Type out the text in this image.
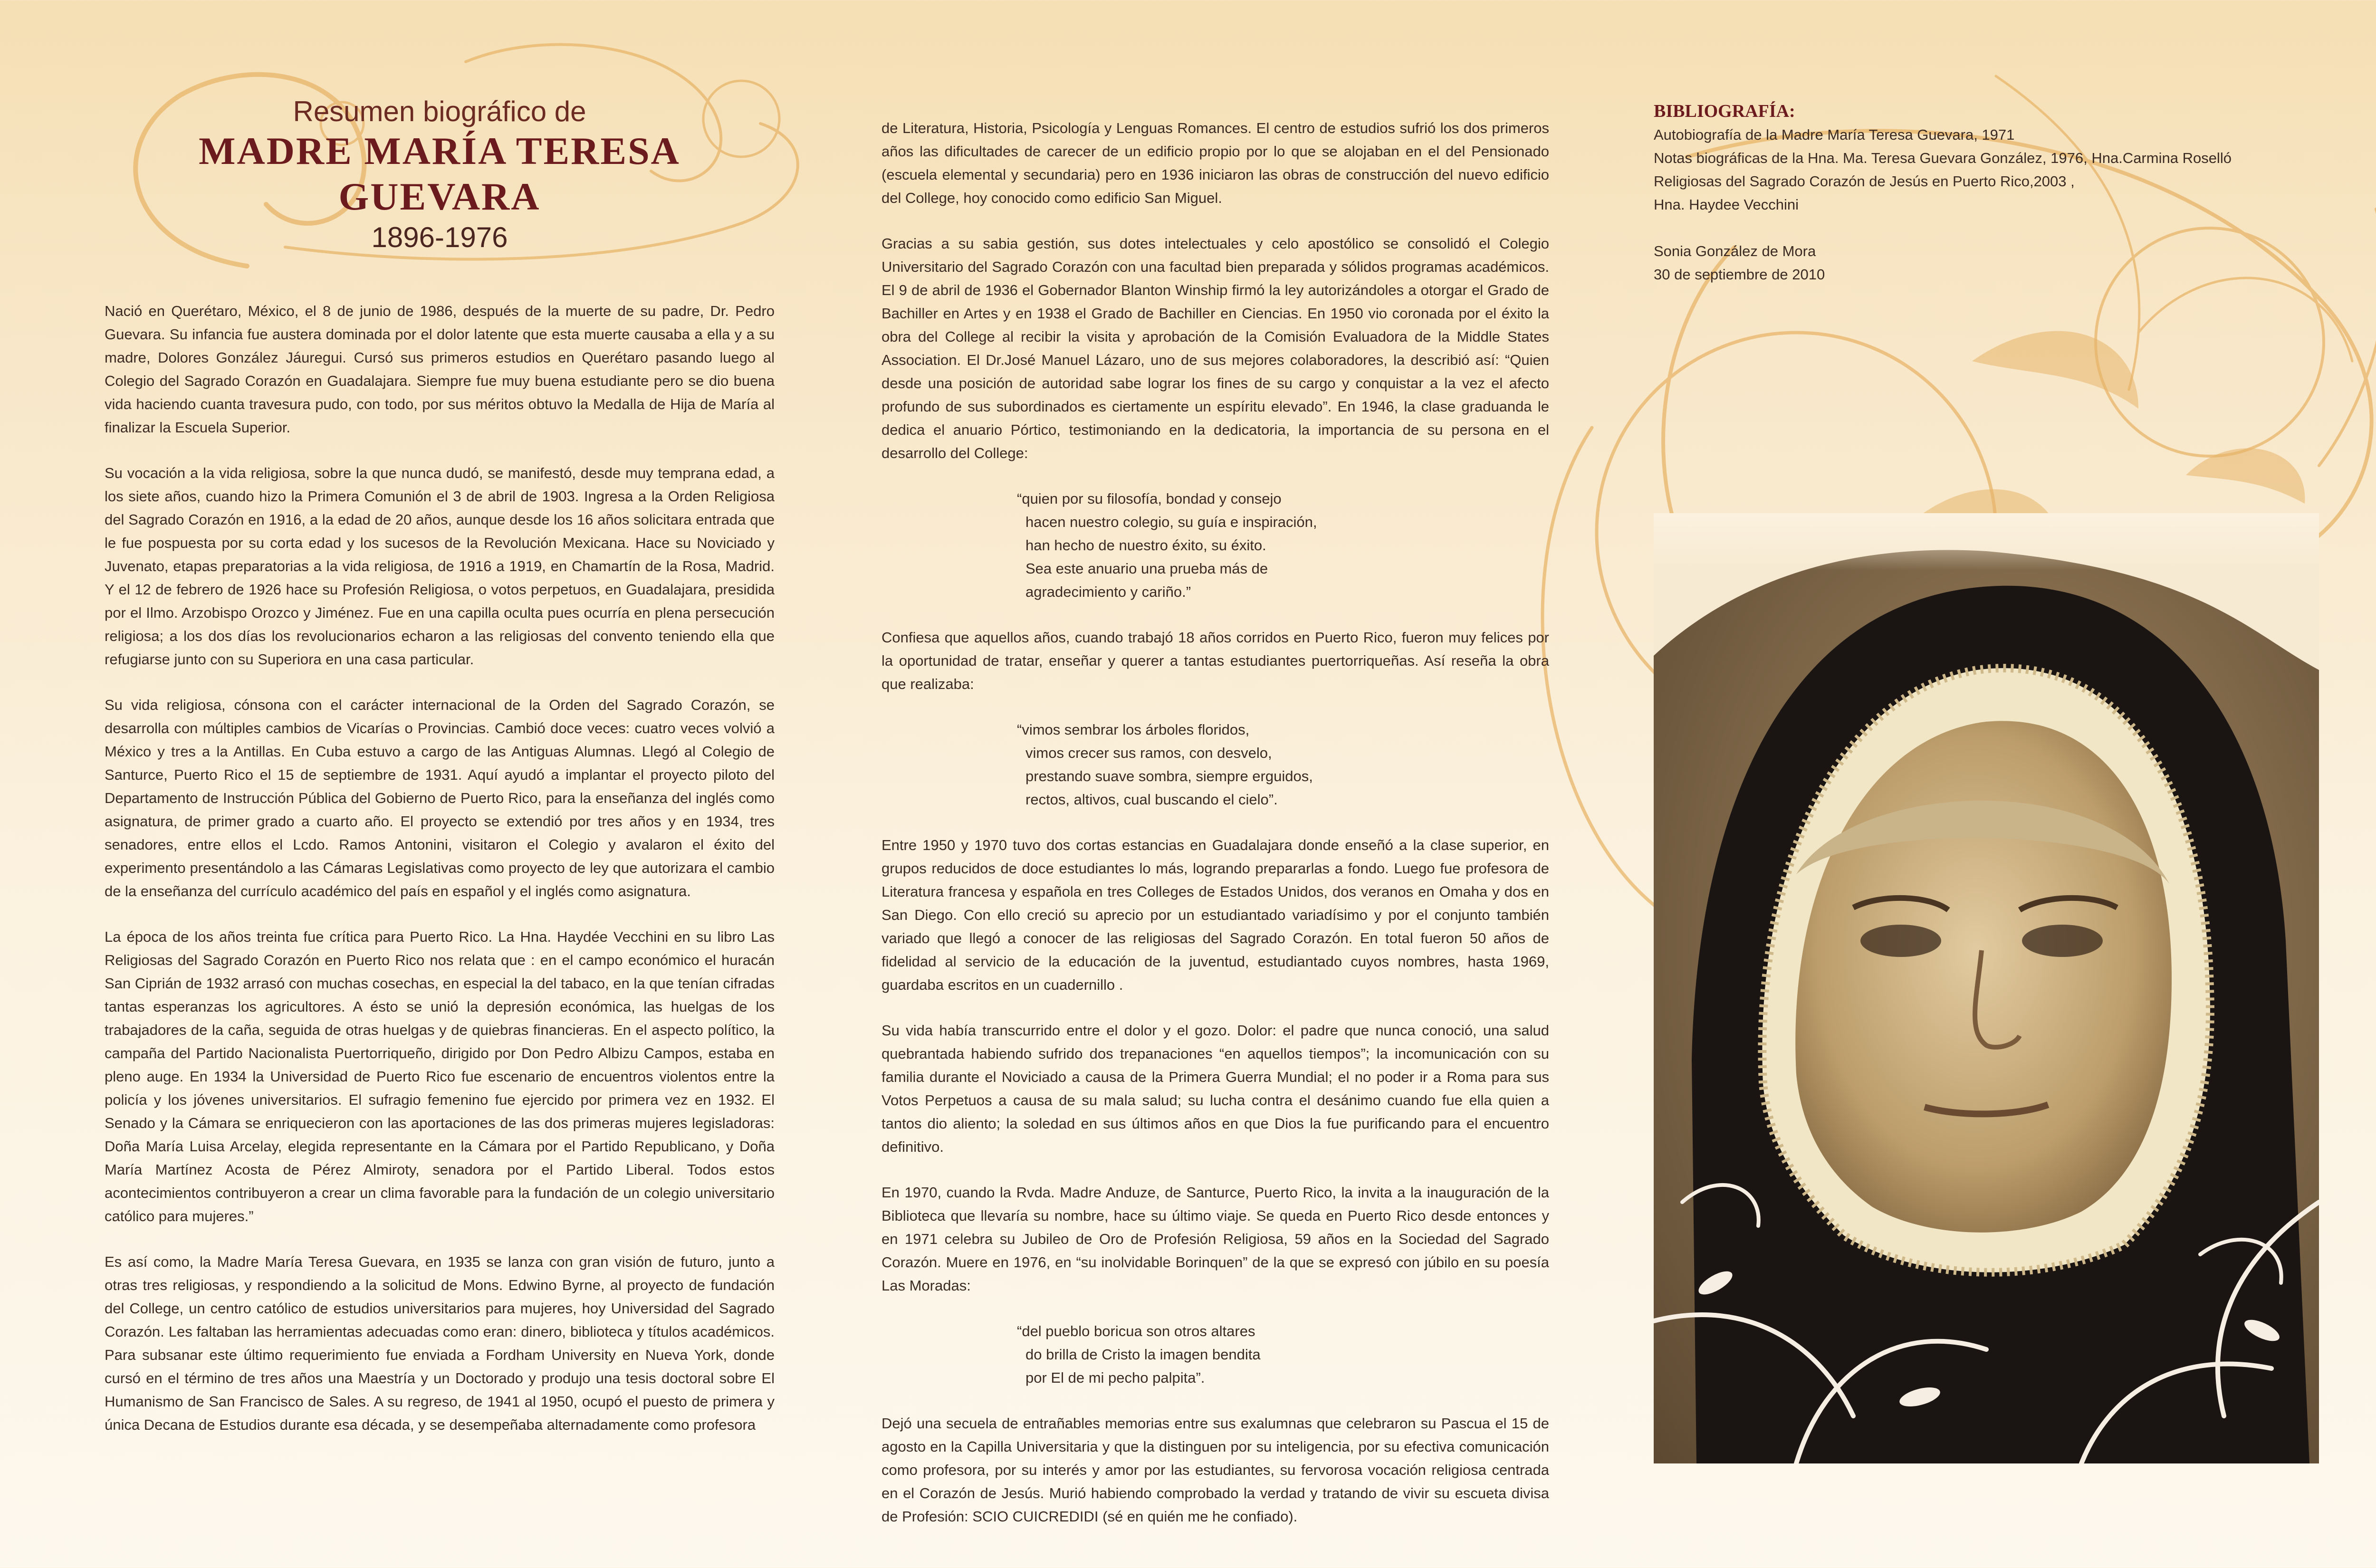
Resumen biográfico de
MADRE MARÍA TERESA GUEVARA
1896-1976

Nació en Querétaro, México, el 8 de junio de 1986, después de la muerte de su padre, Dr. Pedro Guevara. Su infancia fue austera dominada por el dolor latente que esta muerte causaba a ella y a su madre, Dolores González Jáuregui. Cursó sus primeros estudios en Querétaro pasando luego al Colegio del Sagrado Corazón en Guadalajara. Siempre fue muy buena estudiante pero se dio buena vida haciendo cuanta travesura pudo, con todo, por sus méritos obtuvo la Medalla de Hija de María al finalizar la Escuela Superior.

Su vocación a la vida religiosa, sobre la que nunca dudó, se manifestó, desde muy temprana edad, a los siete años, cuando hizo la Primera Comunión el 3 de abril de 1903. Ingresa a la Orden Religiosa del Sagrado Corazón en 1916, a la edad de 20 años, aunque desde los 16 años solicitara entrada que le fue pospuesta por su corta edad y los sucesos de la Revolución Mexicana. Hace su Noviciado y Juvenato, etapas preparatorias a la vida religiosa, de 1916 a 1919, en Chamartín de la Rosa, Madrid. Y el 12 de febrero de 1926 hace su Profesión Religiosa, o votos perpetuos, en Guadalajara, presidida por el Ilmo. Arzobispo Orozco y Jiménez. Fue en una capilla oculta pues ocurría en plena persecución religiosa; a los dos días los revolucionarios echaron a las religiosas del convento teniendo ella que refugiarse junto con su Superiora en una casa particular.

Su vida religiosa, cónsona con el carácter internacional de la Orden del Sagrado Corazón, se desarrolla con múltiples cambios de Vicarías o Provincias. Cambió doce veces: cuatro veces volvió a México y tres a la Antillas. En Cuba estuvo a cargo de las Antiguas Alumnas. Llegó al Colegio de Santurce, Puerto Rico el 15 de septiembre de 1931. Aquí ayudó a implantar el proyecto piloto del Departamento de Instrucción Pública del Gobierno de Puerto Rico, para la enseñanza del inglés como asignatura, de primer grado a cuarto año. El proyecto se extendió por tres años y en 1934, tres senadores, entre ellos el Lcdo. Ramos Antonini, visitaron el Colegio y avalaron el éxito del experimento presentándolo a las Cámaras Legislativas como proyecto de ley que autorizara el cambio de la enseñanza del currículo académico del país en español y el inglés como asignatura.

La época de los años treinta fue crítica para Puerto Rico. La Hna. Haydée Vecchini en su libro Las Religiosas del Sagrado Corazón en Puerto Rico nos relata que : en el campo económico el huracán San Ciprián de 1932 arrasó con muchas cosechas, en especial la del tabaco, en la que tenían cifradas tantas esperanzas los agricultores. A ésto se unió la depresión económica, las huelgas de los trabajadores de la caña, seguida de otras huelgas y de quiebras financieras. En el aspecto político, la campaña del Partido Nacionalista Puertorriqueño, dirigido por Don Pedro Albizu Campos, estaba en pleno auge. En 1934 la Universidad de Puerto Rico fue escenario de encuentros violentos entre la policía y los jóvenes universitarios. El sufragio femenino fue ejercido por primera vez en 1932. El Senado y la Cámara se enriquecieron con las aportaciones de las dos primeras mujeres legisladoras: Doña María Luisa Arcelay, elegida representante en la Cámara por el Partido Republicano, y Doña María Martínez Acosta de Pérez Almiroty, senadora por el Partido Liberal. Todos estos acontecimientos contribuyeron a crear un clima favorable para la fundación de un colegio universitario católico para mujeres.”

Es así como, la Madre María Teresa Guevara, en 1935 se lanza con gran visión de futuro, junto a otras tres religiosas, y respondiendo a la solicitud de Mons. Edwino Byrne, al proyecto de fundación del College, un centro católico de estudios universitarios para mujeres, hoy Universidad del Sagrado Corazón. Les faltaban las herramientas adecuadas como eran: dinero, biblioteca y títulos académicos. Para subsanar este último requerimiento fue enviada a Fordham University en Nueva York, donde cursó en el término de tres años una Maestría y un Doctorado y produjo una tesis doctoral sobre El Humanismo de San Francisco de Sales. A su regreso, de 1941 al 1950, ocupó el puesto de primera y única Decana de Estudios durante esa década, y se desempeñaba alternadamente como profesora

de Literatura, Historia, Psicología y Lenguas Romances. El centro de estudios sufrió los dos primeros años las dificultades de carecer de un edificio propio por lo que se alojaban en el del Pensionado (escuela elemental y secundaria) pero en 1936 iniciaron las obras de construcción del nuevo edificio del College, hoy conocido como edificio San Miguel.

Gracias a su sabia gestión, sus dotes intelectuales y celo apostólico se consolidó el Colegio Universitario del Sagrado Corazón con una facultad bien preparada y sólidos programas académicos. El 9 de abril de 1936 el Gobernador Blanton Winship firmó la ley autorizándoles a otorgar el Grado de Bachiller en Artes y en 1938 el Grado de Bachiller en Ciencias. En 1950 vio coronada por el éxito la obra del College al recibir la visita y aprobación de la Comisión Evaluadora de la Middle States Association. El Dr.José Manuel Lázaro, uno de sus mejores colaboradores, la describió así: “Quien desde una posición de autoridad sabe lograr los fines de su cargo y conquistar a la vez el afecto profundo de sus subordinados es ciertamente un espíritu elevado”. En 1946, la clase graduanda le dedica el anuario Pórtico, testimoniando en la dedicatoria, la importancia de su persona en el desarrollo del College:

“quien por su filosofía, bondad y consejo
hacen nuestro colegio, su guía e inspiración,
han hecho de nuestro éxito, su éxito.
Sea este anuario una prueba más de
agradecimiento y cariño.”

Confiesa que aquellos años, cuando trabajó 18 años corridos en Puerto Rico, fueron muy felices por la oportunidad de tratar, enseñar y querer a tantas estudiantes puertorriqueñas. Así reseña la obra que realizaba:

“vimos sembrar los árboles floridos,
vimos crecer sus ramos, con desvelo,
prestando suave sombra, siempre erguidos,
rectos, altivos, cual buscando el cielo”.

Entre 1950 y 1970 tuvo dos cortas estancias en Guadalajara donde enseñó a la clase superior, en grupos reducidos de doce estudiantes lo más, logrando prepararlas a fondo. Luego fue profesora de Literatura francesa y española en tres Colleges de Estados Unidos, dos veranos en Omaha y dos en San Diego. Con ello creció su aprecio por un estudiantado variadísimo y por el conjunto también variado que llegó a conocer de las religiosas del Sagrado Corazón. En total fueron 50 años de fidelidad al servicio de la educación de la juventud, estudiantado cuyos nombres, hasta 1969, guardaba escritos en un cuadernillo .

Su vida había transcurrido entre el dolor y el gozo. Dolor: el padre que nunca conoció, una salud quebrantada habiendo sufrido dos trepanaciones “en aquellos tiempos”; la incomunicación con su familia durante el Noviciado a causa de la Primera Guerra Mundial; el no poder ir a Roma para sus Votos Perpetuos a causa de su mala salud; su lucha contra el desánimo cuando fue ella quien a tantos dio aliento; la soledad en sus últimos años en que Dios la fue purificando para el encuentro definitivo.

En 1970, cuando la Rvda. Madre Anduze, de Santurce, Puerto Rico, la invita a la inauguración de la Biblioteca que llevaría su nombre, hace su último viaje. Se queda en Puerto Rico desde entonces y en 1971 celebra su Jubileo de Oro de Profesión Religiosa, 59 años en la Sociedad del Sagrado Corazón. Muere en 1976, en “su inolvidable Borinquen” de la que se expresó con júbilo en su poesía Las Moradas:

“del pueblo boricua son otros altares
do brilla de Cristo la imagen bendita
por El de mi pecho palpita”.

Dejó una secuela de entrañables memorias entre sus exalumnas que celebraron su Pascua el 15 de agosto en la Capilla Universitaria y que la distinguen por su inteligencia, por su efectiva comunicación como profesora, por su interés y amor por las estudiantes, su fervorosa vocación religiosa centrada en el Corazón de Jesús. Murió habiendo comprobado la verdad y tratando de vivir su escueta divisa de Profesión: SCIO CUICREDIDI (sé en quién me he confiado).

BIBLIOGRAFÍA:
Autobiografía de la Madre María Teresa Guevara, 1971
Notas biográficas de la Hna. Ma. Teresa Guevara González, 1976, Hna.Carmina Roselló
Religiosas del Sagrado Corazón de Jesús en Puerto Rico,2003 ,
Hna. Haydee Vecchini
Sonia González de Mora
30 de septiembre de 2010
